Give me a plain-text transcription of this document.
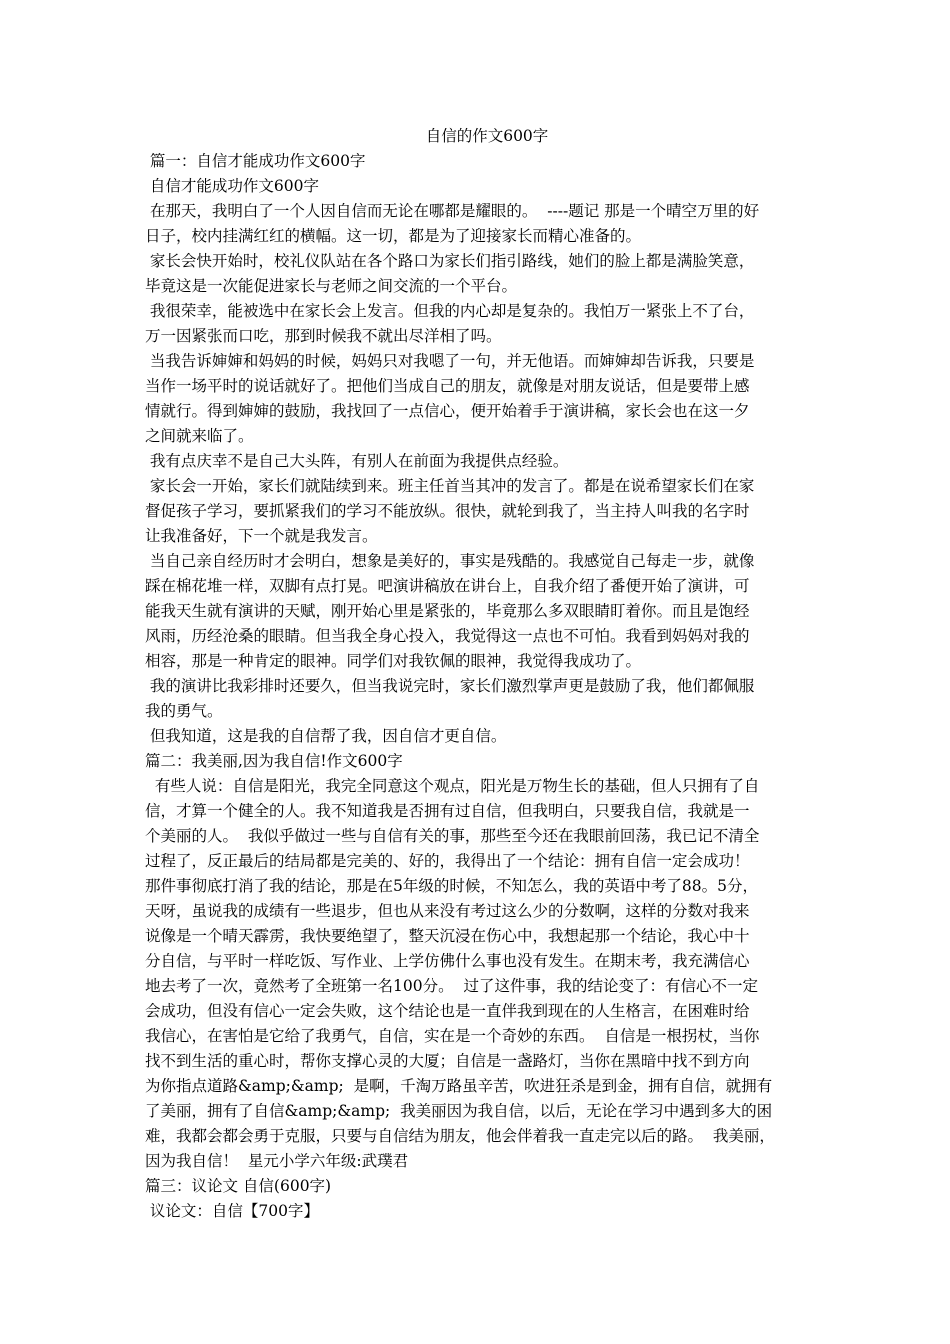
自信的作文600字
篇一：自信才能成功作文600字
自信才能成功作文600字
在那天，我明白了一个人因自信而无论在哪都是耀眼的。  ----题记 那是一个晴空万里的好
日子，校内挂满红红的横幅。这一切，都是为了迎接家长而精心准备的。
家长会快开始时，校礼仪队站在各个路口为家长们指引路线，她们的脸上都是满脸笑意，
毕竟这是一次能促进家长与老师之间交流的一个平台。
我很荣幸，能被选中在家长会上发言。但我的内心却是复杂的。我怕万一紧张上不了台，
万一因紧张而口吃，那到时候我不就出尽洋相了吗。
当我告诉婶婶和妈妈的时候，妈妈只对我嗯了一句，并无他语。而婶婶却告诉我，只要是
当作一场平时的说话就好了。把他们当成自己的朋友，就像是对朋友说话，但是要带上感
情就行。得到婶婶的鼓励，我找回了一点信心，便开始着手于演讲稿，家长会也在这一夕
之间就来临了。
我有点庆幸不是自己大头阵，有别人在前面为我提供点经验。
家长会一开始，家长们就陆续到来。班主任首当其冲的发言了。都是在说希望家长们在家
督促孩子学习，要抓紧我们的学习不能放纵。很快，就轮到我了，当主持人叫我的名字时
让我准备好，下一个就是我发言。
当自己亲自经历时才会明白，想象是美好的，事实是残酷的。我感觉自己每走一步，就像
踩在棉花堆一样，双脚有点打晃。吧演讲稿放在讲台上，自我介绍了番便开始了演讲，可
能我天生就有演讲的天赋，刚开始心里是紧张的，毕竟那么多双眼睛盯着你。而且是饱经
风雨，历经沧桑的眼睛。但当我全身心投入，我觉得这一点也不可怕。我看到妈妈对我的
相容，那是一种肯定的眼神。同学们对我钦佩的眼神，我觉得我成功了。
我的演讲比我彩排时还要久，但当我说完时，家长们激烈掌声更是鼓励了我，他们都佩服
我的勇气。
但我知道，这是我的自信帮了我，因自信才更自信。
篇二：我美丽,因为我自信!作文600字
有些人说：自信是阳光，我完全同意这个观点，阳光是万物生长的基础，但人只拥有了自
信，才算一个健全的人。我不知道我是否拥有过自信，但我明白，只要我自信，我就是一
个美丽的人。  我似乎做过一些与自信有关的事，那些至今还在我眼前回荡，我已记不清全
过程了，反正最后的结局都是完美的、好的，我得出了一个结论：拥有自信一定会成功！
那件事彻底打消了我的结论，那是在5年级的时候，不知怎么，我的英语中考了88。5分，
天呀，虽说我的成绩有一些退步，但也从来没有考过这么少的分数啊，这样的分数对我来
说像是一个晴天霹雳，我快要绝望了，整天沉浸在伤心中，我想起那一个结论，我心中十
分自信，与平时一样吃饭、写作业、上学仿佛什么事也没有发生。在期末考，我充满信心
地去考了一次，竟然考了全班第一名100分。  过了这件事，我的结论变了：有信心不一定
会成功，但没有信心一定会失败，这个结论也是一直伴我到现在的人生格言，在困难时给
我信心，在害怕是它给了我勇气，自信，实在是一个奇妙的东西。  自信是一根拐杖，当你
找不到生活的重心时，帮你支撑心灵的大厦；自信是一盏路灯，当你在黑暗中找不到方向
为你指点道路&amp;&amp;  是啊，千淘万路虽辛苦，吹进狂杀是到金，拥有自信，就拥有
了美丽，拥有了自信&amp;&amp;  我美丽因为我自信，以后，无论在学习中遇到多大的困
难，我都会都会勇于克服，只要与自信结为朋友，他会伴着我一直走完以后的路。  我美丽，
因为我自信！  星元小学六年级:武璞君
篇三：议论文 自信(600字)
议论文：自信【700字】
